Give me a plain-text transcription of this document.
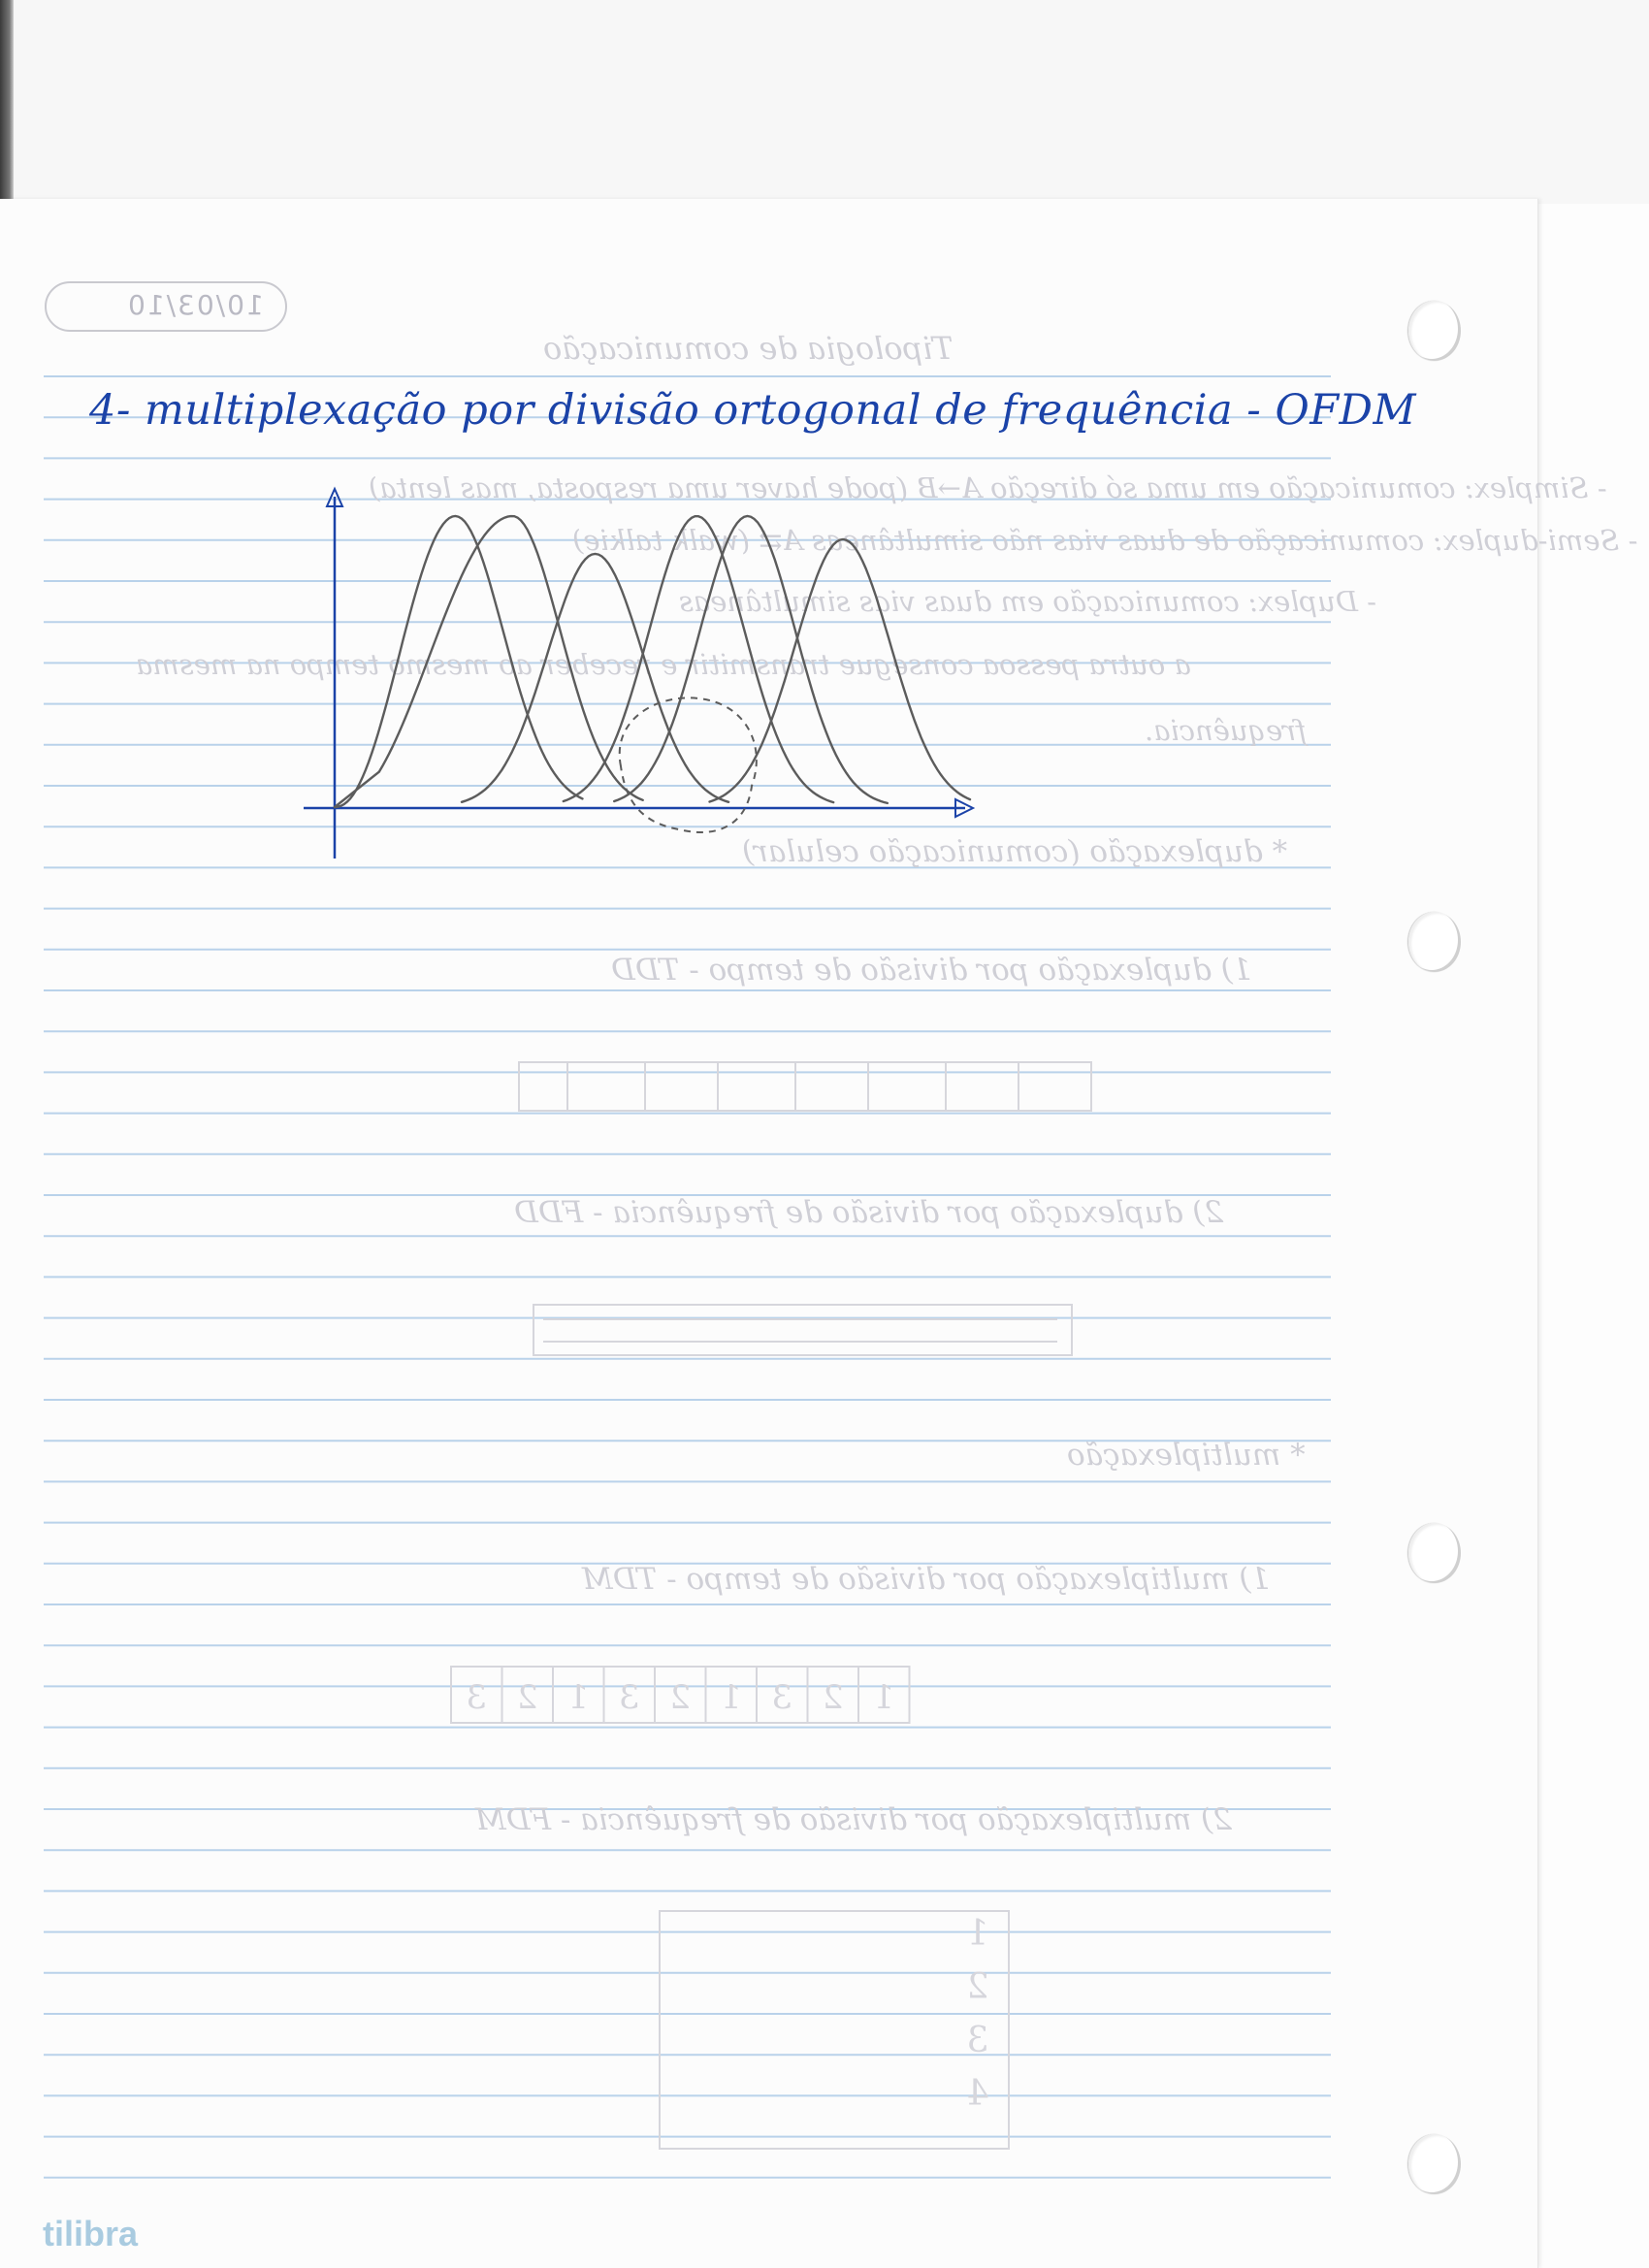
Tipologia de comunicação
- Simplex: comunicação em uma só direção A→B (pode haver uma resposta, mas lenta)
- Semi-duplex: comunicação de duas vias não simultâneas A⇄ (walk talkie)
- Duplex: comunicação em duas vias simultâneas
a outra pessoa consegue transmitir e receber ao mesmo tempo na mesma
frequência.
* duplexação (comunicação celular)
1) duplexação por divisão de tempo - TDD
2) duplexação por divisão de frequência - FDD
* multiplexação
1) multiplexação por divisão de tempo - TDM
2) multiplexação por divisão de frequência - FDM
1
2
3
1
2
3
1
2
3
1
2
3
4
10/03/10
4- multiplexação por divisão ortogonal de frequência - OFDM
tilibra
